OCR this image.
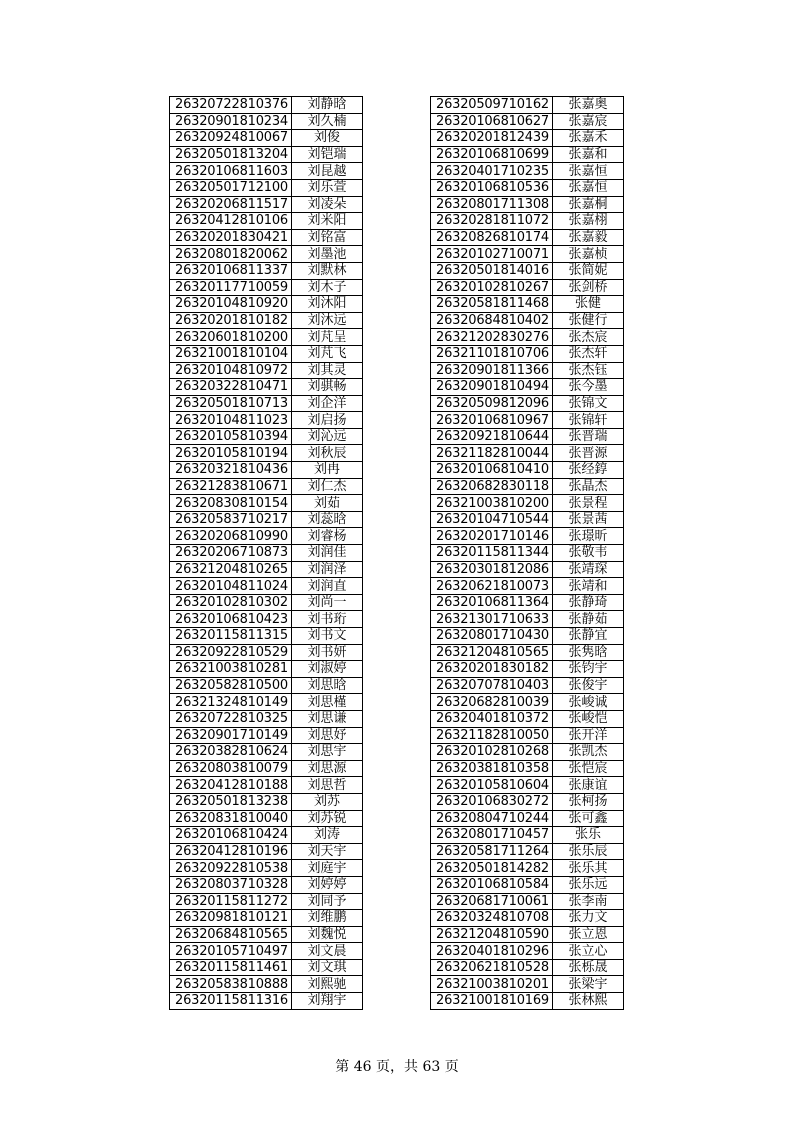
26320722810376	刘静晗
26320901810234	刘久楠
26320924810067	刘俊
26320501813204	刘铠瑞
26320106811603	刘昆越
26320501712100	刘乐萱
26320206811517	刘凌朵
26320412810106	刘米阳
26320201830421	刘铭富
26320801820062	刘墨池
26320106811337	刘默林
26320117710059	刘木子
26320104810920	刘沐阳
26320201810182	刘沐远
26320601810200	刘芃呈
26321001810104	刘芃飞
26320104810972	刘其灵
26320322810471	刘骐畅
26320501810713	刘企洋
26320104811023	刘启扬
26320105810394	刘沁远
26320105810194	刘秋辰
26320321810436	刘冉
26321283810671	刘仁杰
26320830810154	刘茹
26320583710217	刘蕊晗
26320206810990	刘睿杨
26320206710873	刘润佳
26321204810265	刘润泽
26320104811024	刘润直
26320102810302	刘尚一
26320106810423	刘书珩
26320115811315	刘书文
26320922810529	刘书妍
26321003810281	刘淑婷
26320582810500	刘思晗
26321324810149	刘思槿
26320722810325	刘思谦
26320901710149	刘思妤
26320382810624	刘思宇
26320803810079	刘思源
26320412810188	刘思哲
26320501813238	刘苏
26320831810040	刘苏锐
26320106810424	刘涛
26320412810196	刘天宇
26320922810538	刘庭宇
26320803710328	刘婷婷
26320115811272	刘同予
26320981810121	刘维鹏
26320684810565	刘魏悦
26320105710497	刘文晨
26320115811461	刘文琪
26320583810888	刘熙驰
26320115811316	刘翔宇
26320509710162	张嘉奥
26320106810627	张嘉宸
26320201812439	张嘉禾
26320106810699	张嘉和
26320401710235	张嘉恒
26320106810536	张嘉恒
26320801711308	张嘉桐
26320281811072	张嘉栩
26320826810174	张嘉毅
26320102710071	张嘉桢
26320501814016	张简妮
26320102810267	张剑桥
26320581811468	张健
26320684810402	张健行
26321202830276	张杰宸
26321101810706	张杰轩
26320901811366	张杰钰
26320901810494	张今墨
26320509812096	张锦文
26320106810967	张锦轩
26320921810644	张晋瑞
26321182810044	张晋源
26320106810410	张经錞
26320682830118	张晶杰
26321003810200	张景程
26320104710544	张景茜
26320201710146	张璟昕
26320115811344	张敬韦
26320301812086	张靖琛
26320621810073	张靖和
26320106811364	张静琦
26321301710633	张静茹
26320801710430	张静宜
26321204810565	张隽晗
26320201830182	张钧宇
26320707810403	张俊宇
26320682810039	张峻诚
26320401810372	张峻恺
26321182810050	张开洋
26320102810268	张凯杰
26320381810358	张恺宸
26320105810604	张康谊
26320106830272	张柯扬
26320804710244	张可鑫
26320801710457	张乐
26320581711264	张乐辰
26320501814282	张乐其
26320106810584	张乐远
26320681710061	张李南
26320324810708	张力文
26321204810590	张立恩
26320401810296	张立心
26320621810528	张栎晟
26321003810201	张梁宇
26321001810169	张林熙
第 46 页，共 63 页
